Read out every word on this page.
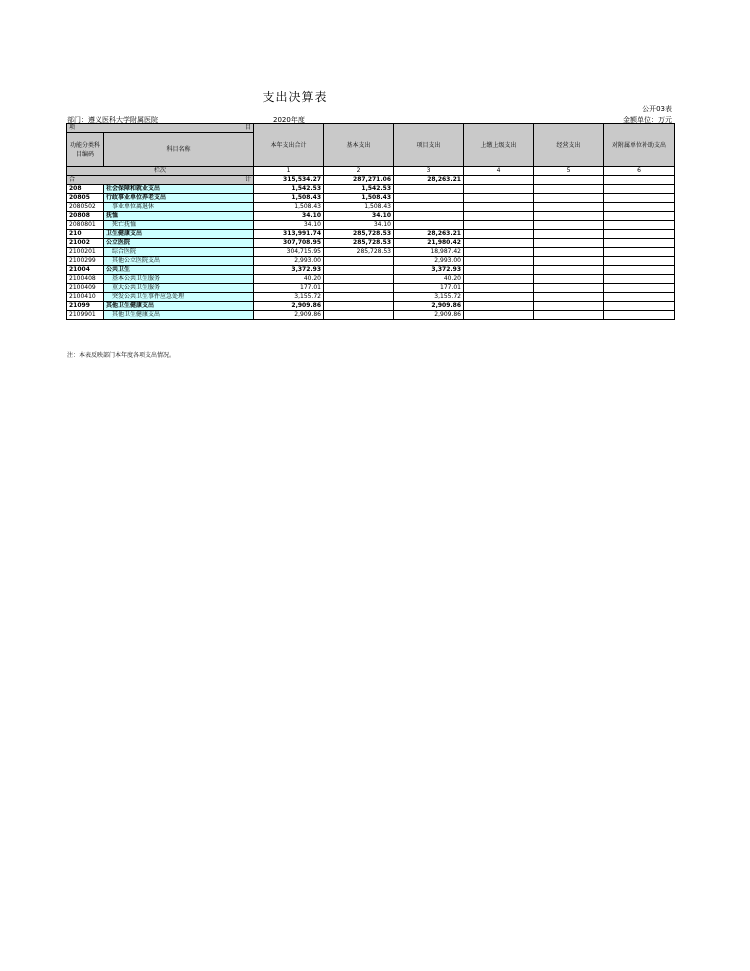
支出决算表
公开03表
部门：遵义医科大学附属医院	2020年度	金额单位：万元
项 目		本年支出合计	基本支出	项目支出	上缴上级支出	经营支出	对附属单位补助支出
功能分类科目编码	科目名称						
栏次		1	2	3	4	5	6

合 计		315,534.27	287,271.06	28,263.21			
208	社会保障和就业支出	1,542.53	1,542.53				
20805	行政事业单位养老支出	1,508.43	1,508.43				
2080502	事业单位离退休	1,508.43	1,508.43				
20808	抚恤	34.10	34.10				
2080801	死亡抚恤	34.10	34.10				
210	卫生健康支出	313,991.74	285,728.53	28,263.21			
21002	公立医院	307,708.95	285,728.53	21,980.42			
2100201	综合医院	304,715.95	285,728.53	18,987.42			
2100299	其他公立医院支出	2,993.00		2,993.00			
21004	公共卫生	3,372.93		3,372.93			
2100408	基本公共卫生服务	40.20		40.20			
2100409	重大公共卫生服务	177.01		177.01			
2100410	突发公共卫生事件应急处理	3,155.72		3,155.72			
21099	其他卫生健康支出	2,909.86		2,909.86			
2109901	其他卫生健康支出	2,909.86		2,909.86			
注：本表反映部门本年度各项支出情况。
